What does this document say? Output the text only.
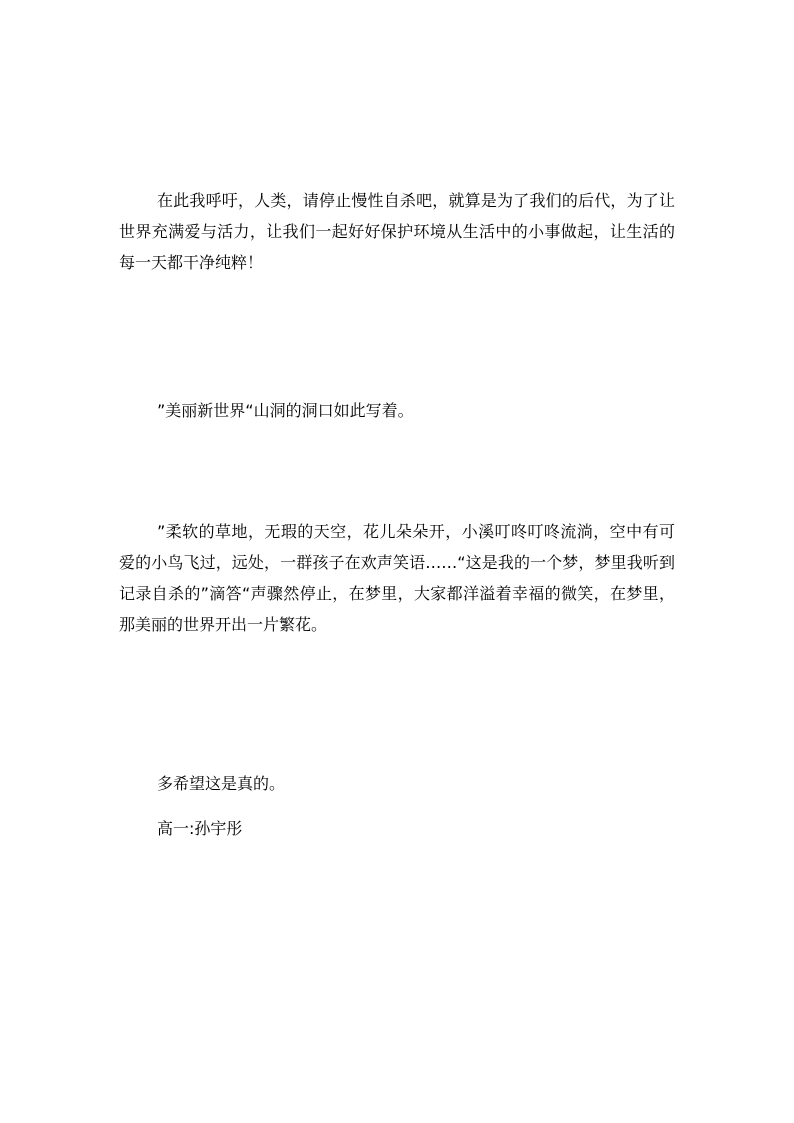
在此我呼吁，人类，请停止慢性自杀吧，就算是为了我们的后代，为了让世界充满爱与活力，让我们一起好好保护环境从生活中的小事做起，让生活的每一天都干净纯粹！

”美丽新世界“山洞的洞口如此写着。

”柔软的草地，无瑕的天空，花儿朵朵开，小溪叮咚叮咚流淌，空中有可爱的小鸟飞过，远处，一群孩子在欢声笑语……“这是我的一个梦，梦里我听到记录自杀的”滴答“声骤然停止，在梦里，大家都洋溢着幸福的微笑，在梦里，那美丽的世界开出一片繁花。

多希望这是真的。

高一:孙宇彤
